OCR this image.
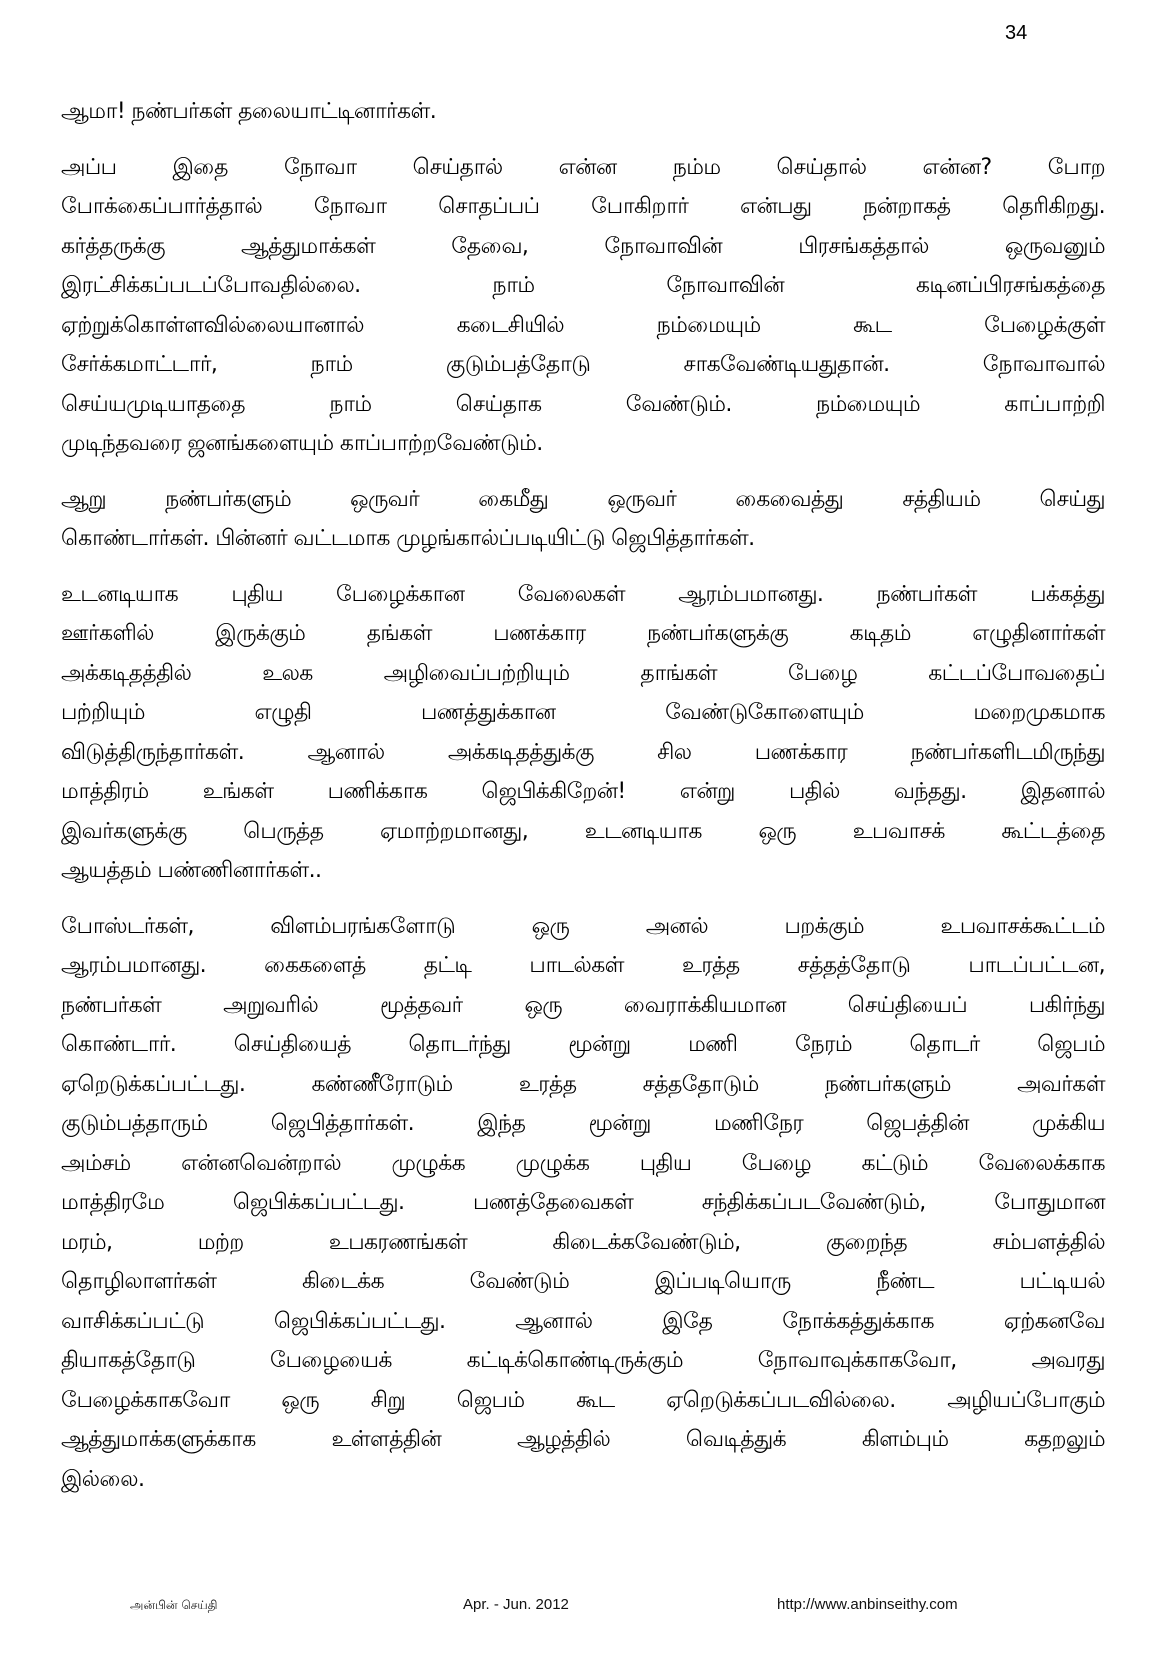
34
ஆமா! நண்பர்கள் தலையாட்டினார்கள்.
அப்ப இதை நோவா செய்தால் என்ன நம்ம செய்தால் என்ன? போற
போக்கைப்பார்த்தால் நோவா சொதப்பப் போகிறார் என்பது நன்றாகத் தெரிகிறது.
கர்த்தருக்கு ஆத்துமாக்கள் தேவை, நோவாவின் பிரசங்கத்தால் ஒருவனும்
இரட்சிக்கப்படப்போவதில்லை. நாம் நோவாவின் கடினப்பிரசங்கத்தை
ஏற்றுக்கொள்ளவில்லையானால் கடைசியில் நம்மையும் கூட பேழைக்குள்
சேர்க்கமாட்டார், நாம் குடும்பத்தோடு சாகவேண்டியதுதான். நோவாவால்
செய்யமுடியாததை நாம் செய்தாக வேண்டும். நம்மையும் காப்பாற்றி
முடிந்தவரை ஜனங்களையும் காப்பாற்றவேண்டும்.
ஆறு நண்பர்களும் ஒருவர் கைமீது ஒருவர் கைவைத்து சத்தியம் செய்து
கொண்டார்கள். பின்னர் வட்டமாக முழங்கால்ப்படியிட்டு ஜெபித்தார்கள்.
உடனடியாக புதிய பேழைக்கான வேலைகள் ஆரம்பமானது. நண்பர்கள் பக்கத்து
ஊர்களில் இருக்கும் தங்கள் பணக்கார நண்பர்களுக்கு கடிதம் எழுதினார்கள்
அக்கடிதத்தில் உலக அழிவைப்பற்றியும் தாங்கள் பேழை கட்டப்போவதைப்
பற்றியும் எழுதி பணத்துக்கான வேண்டுகோளையும் மறைமுகமாக
விடுத்திருந்தார்கள். ஆனால் அக்கடிதத்துக்கு சில பணக்கார நண்பர்களிடமிருந்து
மாத்திரம் உங்கள் பணிக்காக ஜெபிக்கிறேன்! என்று பதில் வந்தது. இதனால்
இவர்களுக்கு பெருத்த ஏமாற்றமானது, உடனடியாக ஒரு உபவாசக் கூட்டத்தை
ஆயத்தம் பண்ணினார்கள்..
போஸ்டர்கள், விளம்பரங்களோடு ஒரு அனல் பறக்கும் உபவாசக்கூட்டம்
ஆரம்பமானது. கைகளைத் தட்டி பாடல்கள் உரத்த சத்தத்தோடு பாடப்பட்டன,
நண்பர்கள் அறுவரில் மூத்தவர் ஒரு வைராக்கியமான செய்தியைப் பகிர்ந்து
கொண்டார். செய்தியைத் தொடர்ந்து மூன்று மணி நேரம் தொடர் ஜெபம்
ஏறெடுக்கப்பட்டது. கண்ணீரோடும் உரத்த சத்ததோடும் நண்பர்களும் அவர்கள்
குடும்பத்தாரும் ஜெபித்தார்கள். இந்த மூன்று மணிநேர ஜெபத்தின் முக்கிய
அம்சம் என்னவென்றால் முழுக்க முழுக்க புதிய பேழை கட்டும் வேலைக்காக
மாத்திரமே ஜெபிக்கப்பட்டது. பணத்தேவைகள் சந்திக்கப்படவேண்டும், போதுமான
மரம், மற்ற உபகரணங்கள் கிடைக்கவேண்டும், குறைந்த சம்பளத்தில்
தொழிலாளர்கள் கிடைக்க வேண்டும் இப்படியொரு நீண்ட பட்டியல்
வாசிக்கப்பட்டு ஜெபிக்கப்பட்டது. ஆனால் இதே நோக்கத்துக்காக ஏற்கனவே
தியாகத்தோடு பேழையைக் கட்டிக்கொண்டிருக்கும் நோவாவுக்காகவோ, அவரது
பேழைக்காகவோ ஒரு சிறு ஜெபம் கூட ஏறெடுக்கப்படவில்லை. அழியப்போகும்
ஆத்துமாக்களுக்காக உள்ளத்தின் ஆழத்தில் வெடித்துக் கிளம்பும் கதறலும்
இல்லை.
அன்பின் செய்தி	Apr. - Jun. 2012	http://www.anbinseithy.com
